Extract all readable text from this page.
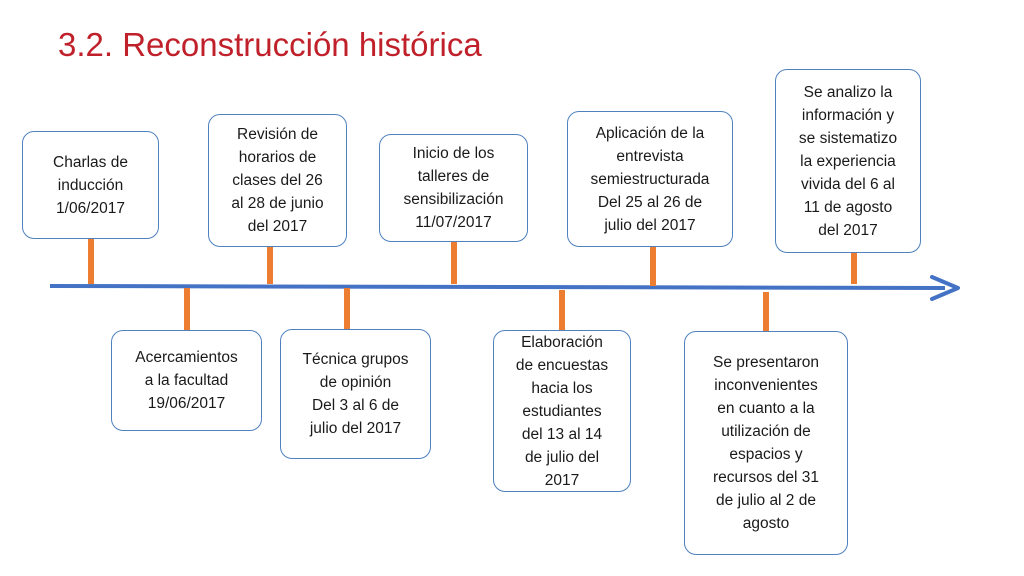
3.2. Reconstrucción histórica
Charlas de
inducción
1/06/2017
Acercamientos
a la facultad
19/06/2017
Revisión de
horarios de
clases del 26
al 28 de junio
del 2017
Técnica grupos
de opinión
Del 3 al 6 de
julio del 2017
Inicio de los
talleres de
sensibilización
11/07/2017
Elaboración
de encuestas
hacia los
estudiantes
del 13 al 14
de julio del
2017
Aplicación de la
entrevista
semiestructurada
Del 25 al 26 de
julio del 2017
Se presentaron
inconvenientes
en cuanto a la
utilización de
espacios y
recursos del 31
de julio al 2 de
agosto
Se analizo la
información y
se sistematizo
la experiencia
vivida del 6 al
11 de agosto
del 2017
